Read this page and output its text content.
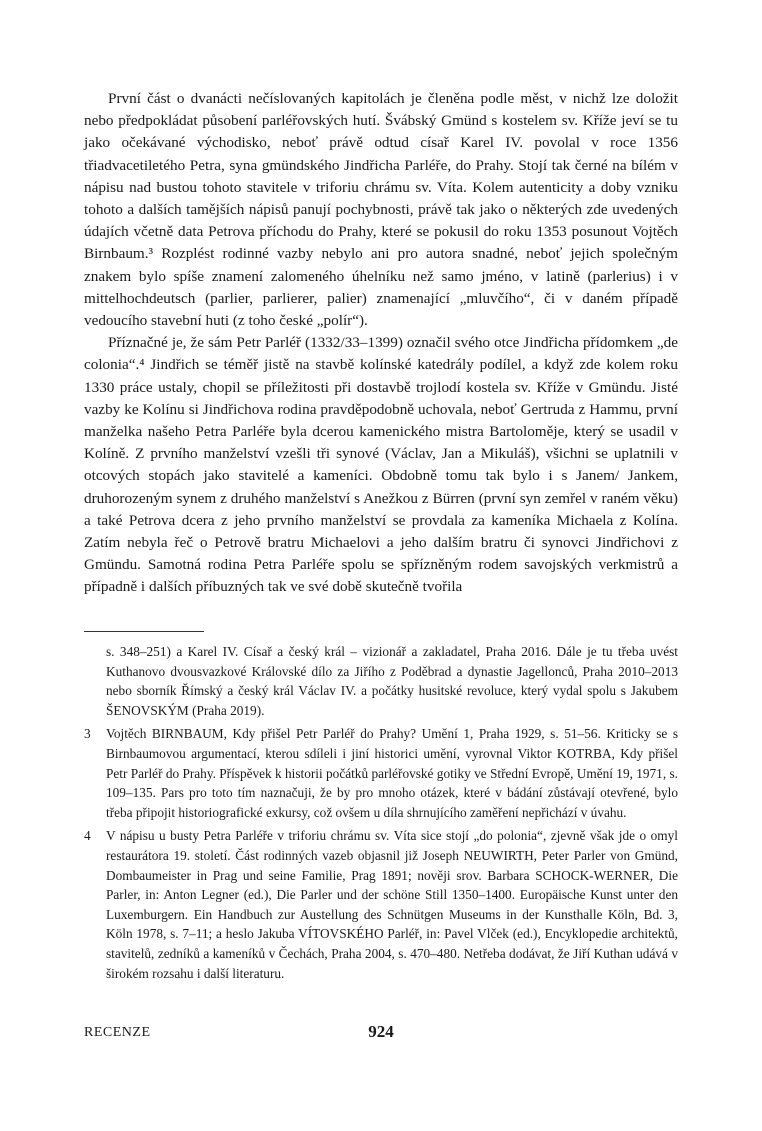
První část o dvanácti nečíslovaných kapitolách je členěna podle měst, v nichž lze doložit nebo předpokládat působení parléřovských hutí. Švábský Gmünd s kostelem sv. Kříže jeví se tu jako očekávané východisko, neboť právě odtud císař Karel IV. povolal v roce 1356 třiadvacetiletého Petra, syna gmündského Jindřicha Parléře, do Prahy. Stojí tak černé na bílém v nápisu nad bustou tohoto stavitele v triforiu chrámu sv. Víta. Kolem autenticity a doby vzniku tohoto a dalších tamějších nápisů panují pochybnosti, právě tak jako o některých zde uvedených údajích včetně data Petrova příchodu do Prahy, které se pokusil do roku 1353 posunout Vojtěch Birnbaum.³ Rozplést rodinné vazby nebylo ani pro autora snadné, neboť jejich společným znakem bylo spíše znamení zalomeného úhelníku než samo jméno, v latině (parlerius) i v mittelhochdeutsch (parlier, parlierer, palier) znamenající „mluvčího“, či v daném případě vedoucího stavební huti (z toho české „polír“).

Příznačné je, že sám Petr Parléř (1332/33–1399) označil svého otce Jindřicha přídomkem „de colonia“.⁴ Jindřich se téměř jistě na stavbě kolínské katedrály podílel, a když zde kolem roku 1330 práce ustaly, chopil se příležitosti při dostavbě trojlodí kostela sv. Kříže v Gmündu. Jisté vazby ke Kolínu si Jindřichova rodina pravděpodobně uchovala, neboť Gertruda z Hammu, první manželka našeho Petra Parléře byla dcerou kamenického mistra Bartoloměje, který se usadil v Kolíně. Z prvního manželství vzešli tři synové (Václav, Jan a Mikuláš), všichni se uplatnili v otcových stopách jako stavitelé a kameníci. Obdobně tomu tak bylo i s Janem/ Jankem, druhorozeným synem z druhého manželství s Anežkou z Bürren (první syn zemřel v raném věku) a také Petrova dcera z jeho prvního manželství se provdala za kameníka Michaela z Kolína. Zatím nebyla řeč o Petrově bratru Michaelovi a jeho dalším bratru či synovci Jindřichovi z Gmündu. Samotná rodina Petra Parléře spolu se spřízněným rodem savojských verkmistrů a případně i dalších příbuzných tak ve své době skutečně tvořila

s. 348–251) a Karel IV. Císař a český král – vizionář a zakladatel, Praha 2016. Dále je tu třeba uvést Kuthanovo dvousvazkové Královské dílo za Jiřího z Poděbrad a dynastie Jagellonců, Praha 2010–2013 nebo sborník Římský a český král Václav IV. a počátky husitské revoluce, který vydal spolu s Jakubem ŠENOVSKÝM (Praha 2019).
3	Vojtěch BIRNBAUM, Kdy přišel Petr Parléř do Prahy? Umění 1, Praha 1929, s. 51–56. Kriticky se s Birnbaumovou argumentací, kterou sdíleli i jiní historici umění, vyrovnal Viktor KOTRBA, Kdy přišel Petr Parléř do Prahy. Příspěvek k historii počátků parléřovské gotiky ve Střední Evropě, Umění 19, 1971, s. 109–135. Pars pro toto tím naznačuji, že by pro mnoho otázek, které v bádání zůstávají otevřené, bylo třeba připojit historiografické exkursy, což ovšem u díla shrnujícího zaměření nepřichází v úvahu.
4	V nápisu u busty Petra Parléře v triforiu chrámu sv. Víta sice stojí „do polonia“, zjevně však jde o omyl restaurátora 19. století. Část rodinných vazeb objasnil již Joseph NEUWIRTH, Peter Parler von Gmünd, Dombaumeister in Prag und seine Familie, Prag 1891; nověji srov. Barbara SCHOCK-WERNER, Die Parler, in: Anton Legner (ed.), Die Parler und der schöne Still 1350–1400. Europäische Kunst unter den Luxemburgern. Ein Handbuch zur Austellung des Schnütgen Museums in der Kunsthalle Köln, Bd. 3, Köln 1978, s. 7–11; a heslo Jakuba VÍTOVSKÉHO Parléř, in: Pavel Vlček (ed.), Encyklopedie architektů, stavitelů, zedníků a kameníků v Čechách, Praha 2004, s. 470–480. Netřeba dodávat, že Jiří Kuthan udává v širokém rozsahu i další literaturu.
RECENZE	924
